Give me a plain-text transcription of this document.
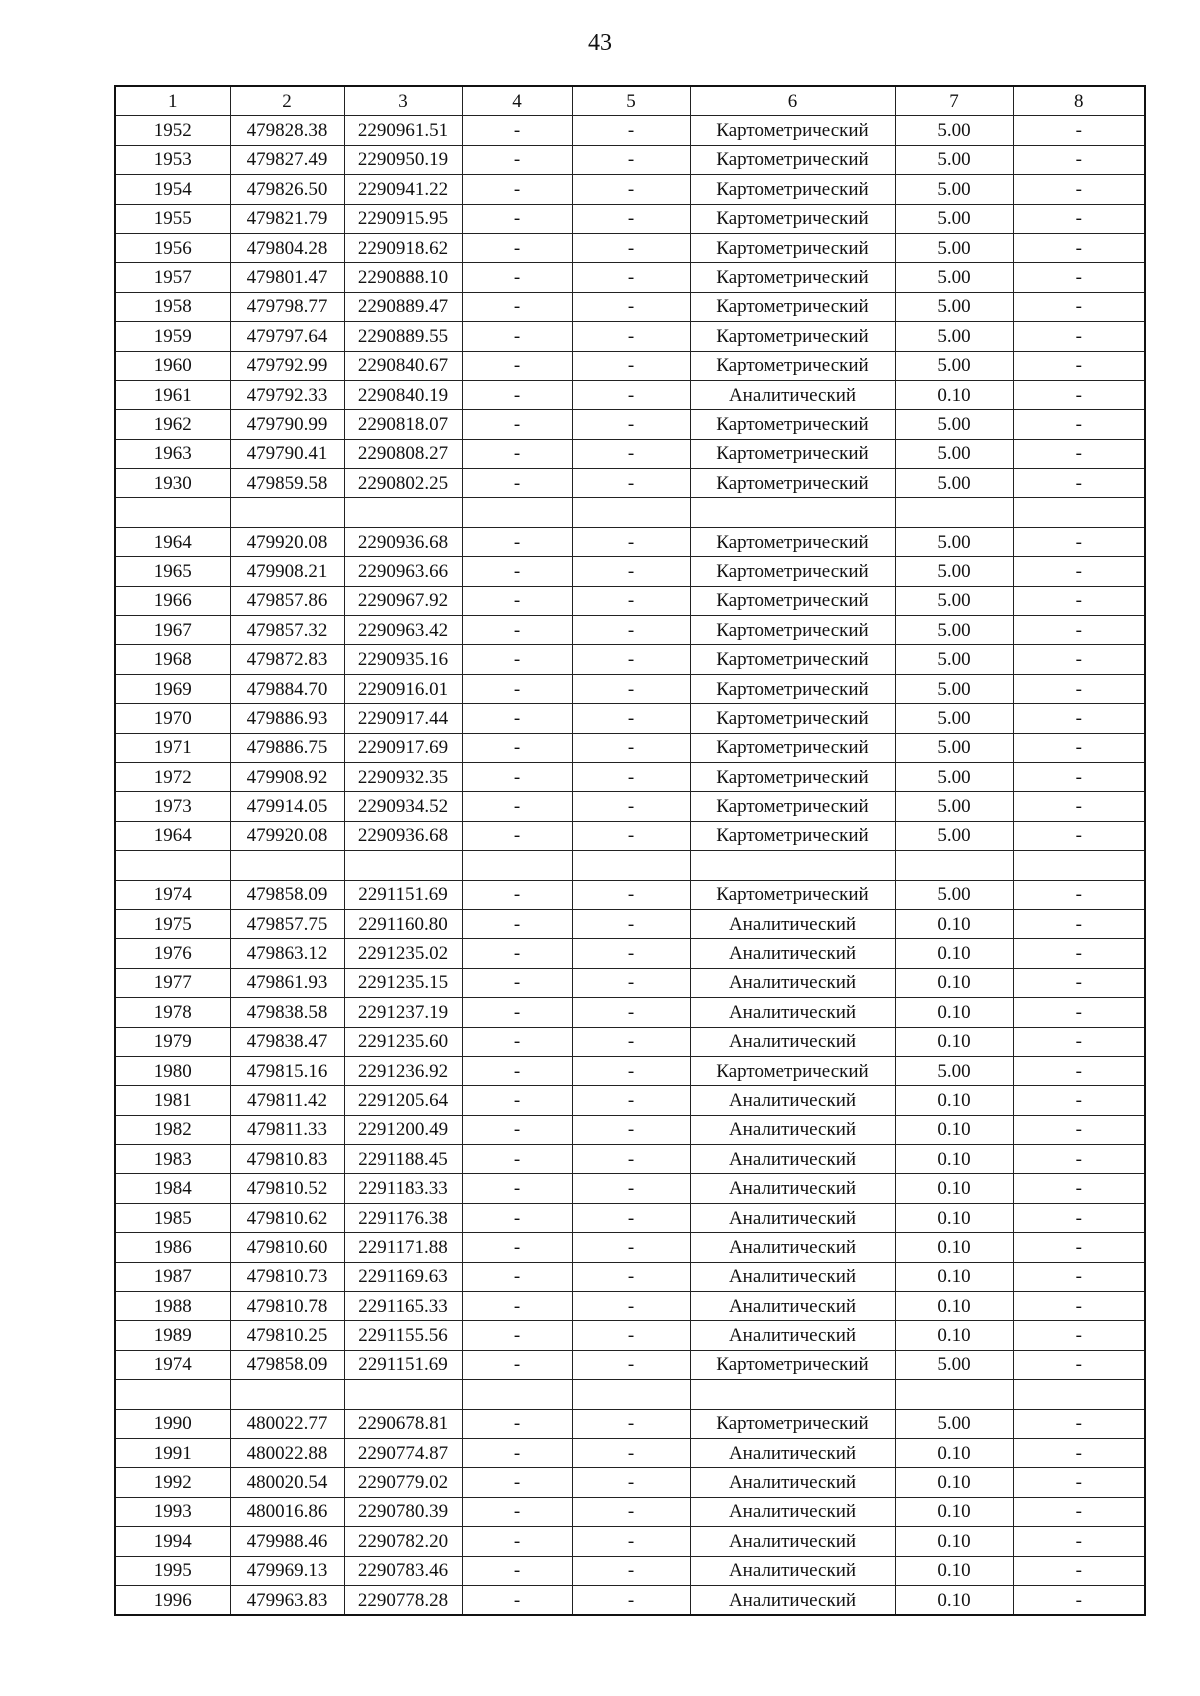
43
1	2	3	4	5	6	7	8
1952	479828.38	2290961.51	-	-	Картометрический	5.00	-
1953	479827.49	2290950.19	-	-	Картометрический	5.00	-
1954	479826.50	2290941.22	-	-	Картометрический	5.00	-
1955	479821.79	2290915.95	-	-	Картометрический	5.00	-
1956	479804.28	2290918.62	-	-	Картометрический	5.00	-
1957	479801.47	2290888.10	-	-	Картометрический	5.00	-
1958	479798.77	2290889.47	-	-	Картометрический	5.00	-
1959	479797.64	2290889.55	-	-	Картометрический	5.00	-
1960	479792.99	2290840.67	-	-	Картометрический	5.00	-
1961	479792.33	2290840.19	-	-	Аналитический	0.10	-
1962	479790.99	2290818.07	-	-	Картометрический	5.00	-
1963	479790.41	2290808.27	-	-	Картометрический	5.00	-
1930	479859.58	2290802.25	-	-	Картометрический	5.00	-

1964	479920.08	2290936.68	-	-	Картометрический	5.00	-
1965	479908.21	2290963.66	-	-	Картометрический	5.00	-
1966	479857.86	2290967.92	-	-	Картометрический	5.00	-
1967	479857.32	2290963.42	-	-	Картометрический	5.00	-
1968	479872.83	2290935.16	-	-	Картометрический	5.00	-
1969	479884.70	2290916.01	-	-	Картометрический	5.00	-
1970	479886.93	2290917.44	-	-	Картометрический	5.00	-
1971	479886.75	2290917.69	-	-	Картометрический	5.00	-
1972	479908.92	2290932.35	-	-	Картометрический	5.00	-
1973	479914.05	2290934.52	-	-	Картометрический	5.00	-
1964	479920.08	2290936.68	-	-	Картометрический	5.00	-

1974	479858.09	2291151.69	-	-	Картометрический	5.00	-
1975	479857.75	2291160.80	-	-	Аналитический	0.10	-
1976	479863.12	2291235.02	-	-	Аналитический	0.10	-
1977	479861.93	2291235.15	-	-	Аналитический	0.10	-
1978	479838.58	2291237.19	-	-	Аналитический	0.10	-
1979	479838.47	2291235.60	-	-	Аналитический	0.10	-
1980	479815.16	2291236.92	-	-	Картометрический	5.00	-
1981	479811.42	2291205.64	-	-	Аналитический	0.10	-
1982	479811.33	2291200.49	-	-	Аналитический	0.10	-
1983	479810.83	2291188.45	-	-	Аналитический	0.10	-
1984	479810.52	2291183.33	-	-	Аналитический	0.10	-
1985	479810.62	2291176.38	-	-	Аналитический	0.10	-
1986	479810.60	2291171.88	-	-	Аналитический	0.10	-
1987	479810.73	2291169.63	-	-	Аналитический	0.10	-
1988	479810.78	2291165.33	-	-	Аналитический	0.10	-
1989	479810.25	2291155.56	-	-	Аналитический	0.10	-
1974	479858.09	2291151.69	-	-	Картометрический	5.00	-

1990	480022.77	2290678.81	-	-	Картометрический	5.00	-
1991	480022.88	2290774.87	-	-	Аналитический	0.10	-
1992	480020.54	2290779.02	-	-	Аналитический	0.10	-
1993	480016.86	2290780.39	-	-	Аналитический	0.10	-
1994	479988.46	2290782.20	-	-	Аналитический	0.10	-
1995	479969.13	2290783.46	-	-	Аналитический	0.10	-
1996	479963.83	2290778.28	-	-	Аналитический	0.10	-
